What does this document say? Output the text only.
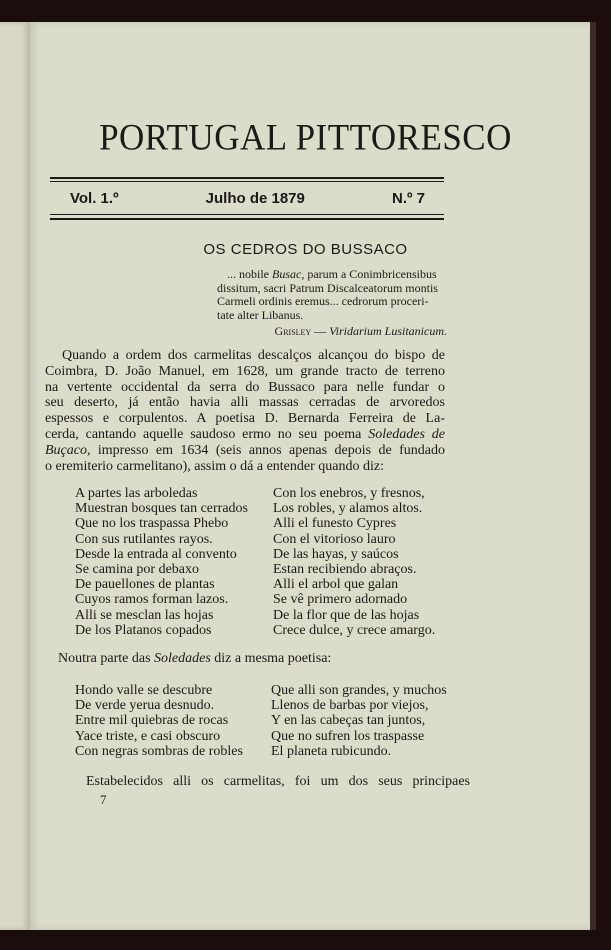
PORTUGAL PITTORESCO
Vol. 1.º	Julho de 1879	N.º 7
OS CEDROS DO BUSSACO
... nobile Busac, parum a Conimbricensibus
dissitum, sacri Patrum Discalceatorum montis
Carmeli ordinis eremus... cedrorum proceri-
tate alter Libanus.
Grisley — Viridarium Lusitanicum.
Quando a ordem dos carmelitas descalços alcançou do bispo de
Coimbra, D. João Manuel, em 1628, um grande tracto de terreno
na vertente occidental da serra do Bussaco para nelle fundar o
seu deserto, já então havia alli massas cerradas de arvoredos
espessos e corpulentos. A poetisa D. Bernarda Ferreira de La-
cerda, cantando aquelle saudoso ermo no seu poema Soledades de
Buçaco, impresso em 1634 (seis annos apenas depois de fundado
o eremiterio carmelitano), assim o dá a entender quando diz:
A partes las arboledas
Muestran bosques tan cerrados
Que no los traspassa Phebo
Con sus rutilantes rayos.
Desde la entrada al convento
Se camina por debaxo
De pauellones de plantas
Cuyos ramos forman lazos.
Alli se mesclan las hojas
De los Platanos copados
Con los enebros, y fresnos,
Los robles, y alamos altos.
Alli el funesto Cypres
Con el vitorioso lauro
De las hayas, y saúcos
Estan recibiendo abraços.
Alli el arbol que galan
Se vê primero adornado
De la flor que de las hojas
Crece dulce, y crece amargo.
Noutra parte das Soledades diz a mesma poetisa:
Hondo valle se descubre
De verde yerua desnudo.
Entre mil quiebras de rocas
Yace triste, e casi obscuro
Con negras sombras de robles
Que alli son grandes, y muchos
Llenos de barbas por viejos,
Y en las cabeças tan juntos,
Que no sufren los traspasse
El planeta rubicundo.
Estabelecidos alli os carmelitas, foi um dos seus principaes
7
